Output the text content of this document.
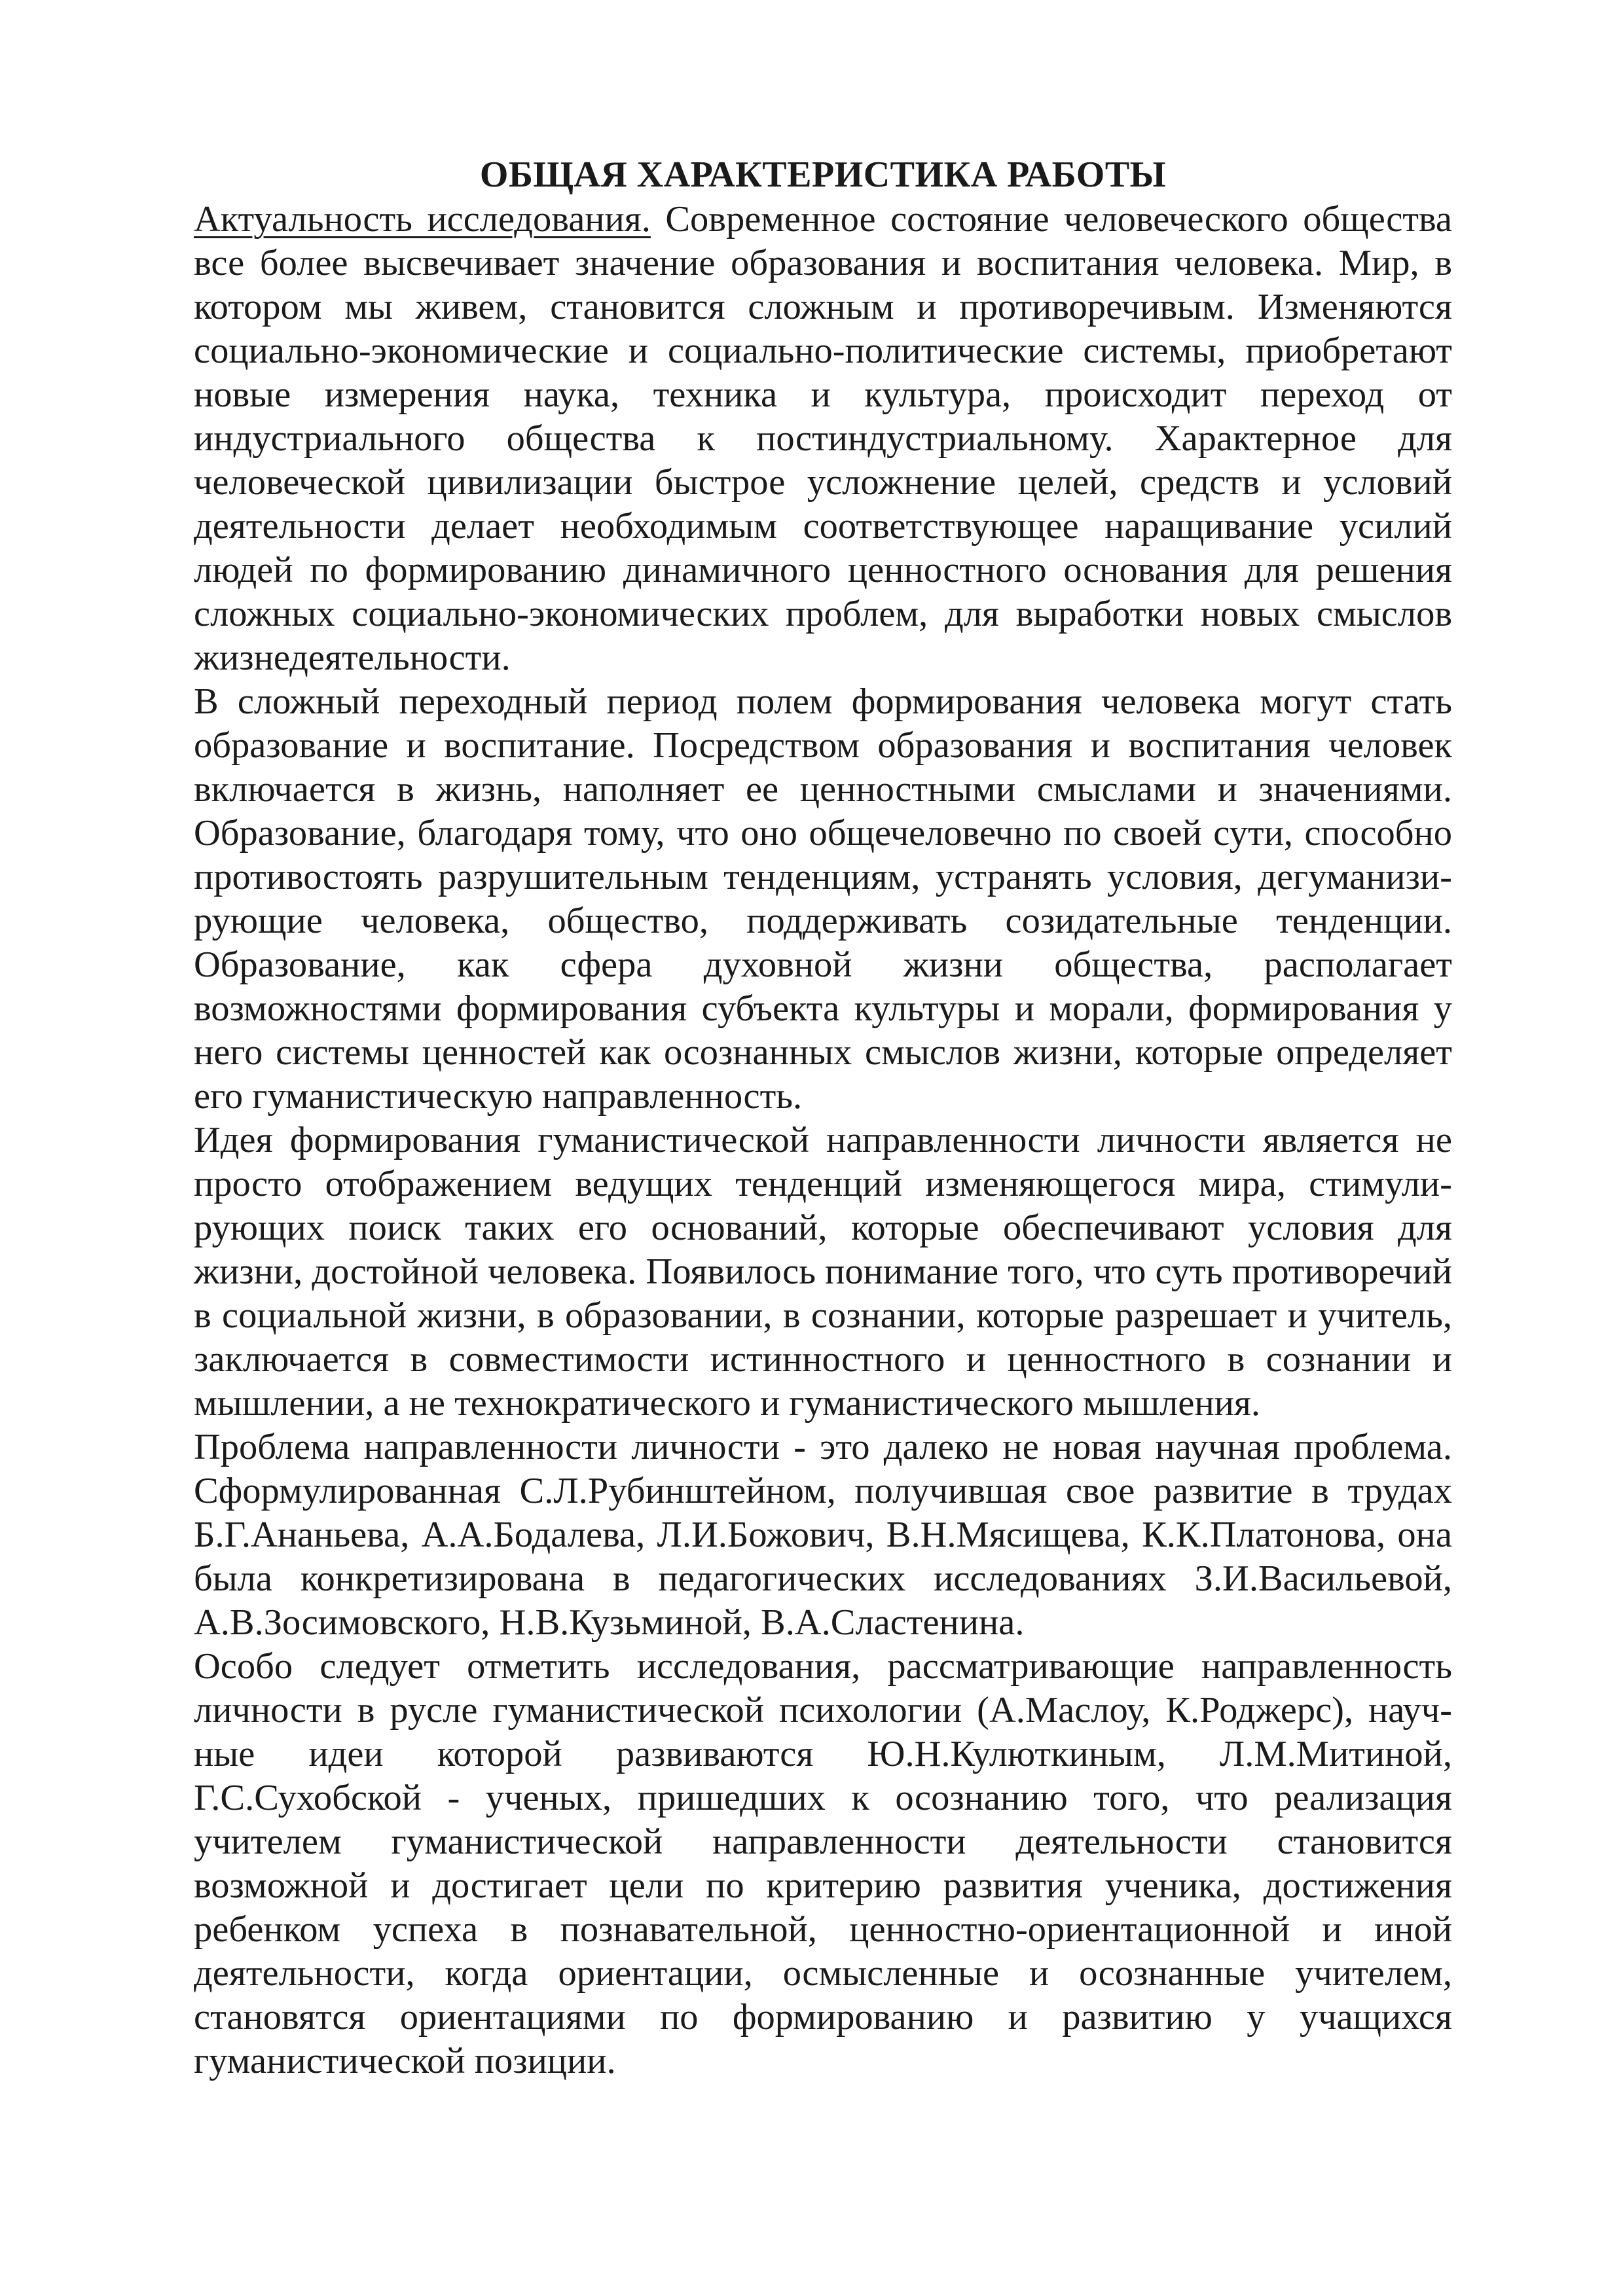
ОБЩАЯ ХАРАКТЕРИСТИКА РАБОТЫ

Актуальность исследования. Современное состояние человеческого общества все более высвечивает значение образования и воспитания человека. Мир, в котором мы живем, становится сложным и противоречивым. Изменяются социально-экономические и социально-политические системы, приобретают новые измерения наука, техника и культура, происходит переход от индустриального общества к постиндустриальному. Характерное для человеческой цивилизации быстрое усложнение целей, средств и условий деятельности делает необходимым соответствующее наращивание усилий людей по формированию динамичного ценностного основания для решения сложных социально-экономических проблем, для выработки новых смыслов жизнедеятельности.

В сложный переходный период полем формирования человека могут стать образование и воспитание. Посредством образования и воспитания человек включается в жизнь, наполняет ее ценностными смыслами и значениями. Образование, благодаря тому, что оно общечеловечно по своей сути, способно противостоять разрушительным тенденциям, устранять условия, дегуманизи-рующие человека, общество, поддерживать созидательные тенденции. Образование, как сфера духовной жизни общества, располагает возможностями формирования субъекта культуры и морали, формирования у него системы ценностей как осознанных смыслов жизни, которые определяет его гуманистическую направленность.

Идея формирования гуманистической направленности личности является не просто отображением ведущих тенденций изменяющегося мира, стимулирующих поиск таких его оснований, которые обеспечивают условия для жизни, достойной человека. Появилось понимание того, что суть противоречий в социальной жизни, в образовании, в сознании, которые разрешает и учитель, заключается в совместимости истинностного и ценностного в сознании и мышлении, а не технократического и гуманистического мышления.

Проблема направленности личности - это далеко не новая научная проблема. Сформулированная С.Л.Рубинштейном, получившая свое развитие в трудах Б.Г.Ананьева, А.А.Бодалева, Л.И.Божович, В.Н.Мясищева, К.К.Платонова, она была конкретизирована в педагогических исследованиях З.И.Васильевой, А.В.Зосимовского, Н.В.Кузьминой, В.А.Сластенина.

Особо следует отметить исследования, рассматривающие направленность личности в русле гуманистической психологии (А.Маслоу, К.Роджерс), научные идеи которой развиваются Ю.Н.Кулюткиным, Л.М.Митиной, Г.С.Сухобской - ученых, пришедших к осознанию того, что реализация учителем гуманистической направленности деятельности становится возможной и достигает цели по критерию развития ученика, достижения ребенком успеха в познавательной, ценностно-ориентационной и иной деятельности, когда ориентации, осмысленные и осознанные учителем, становятся ориентациями по формированию и развитию у учащихся гуманистической позиции.
